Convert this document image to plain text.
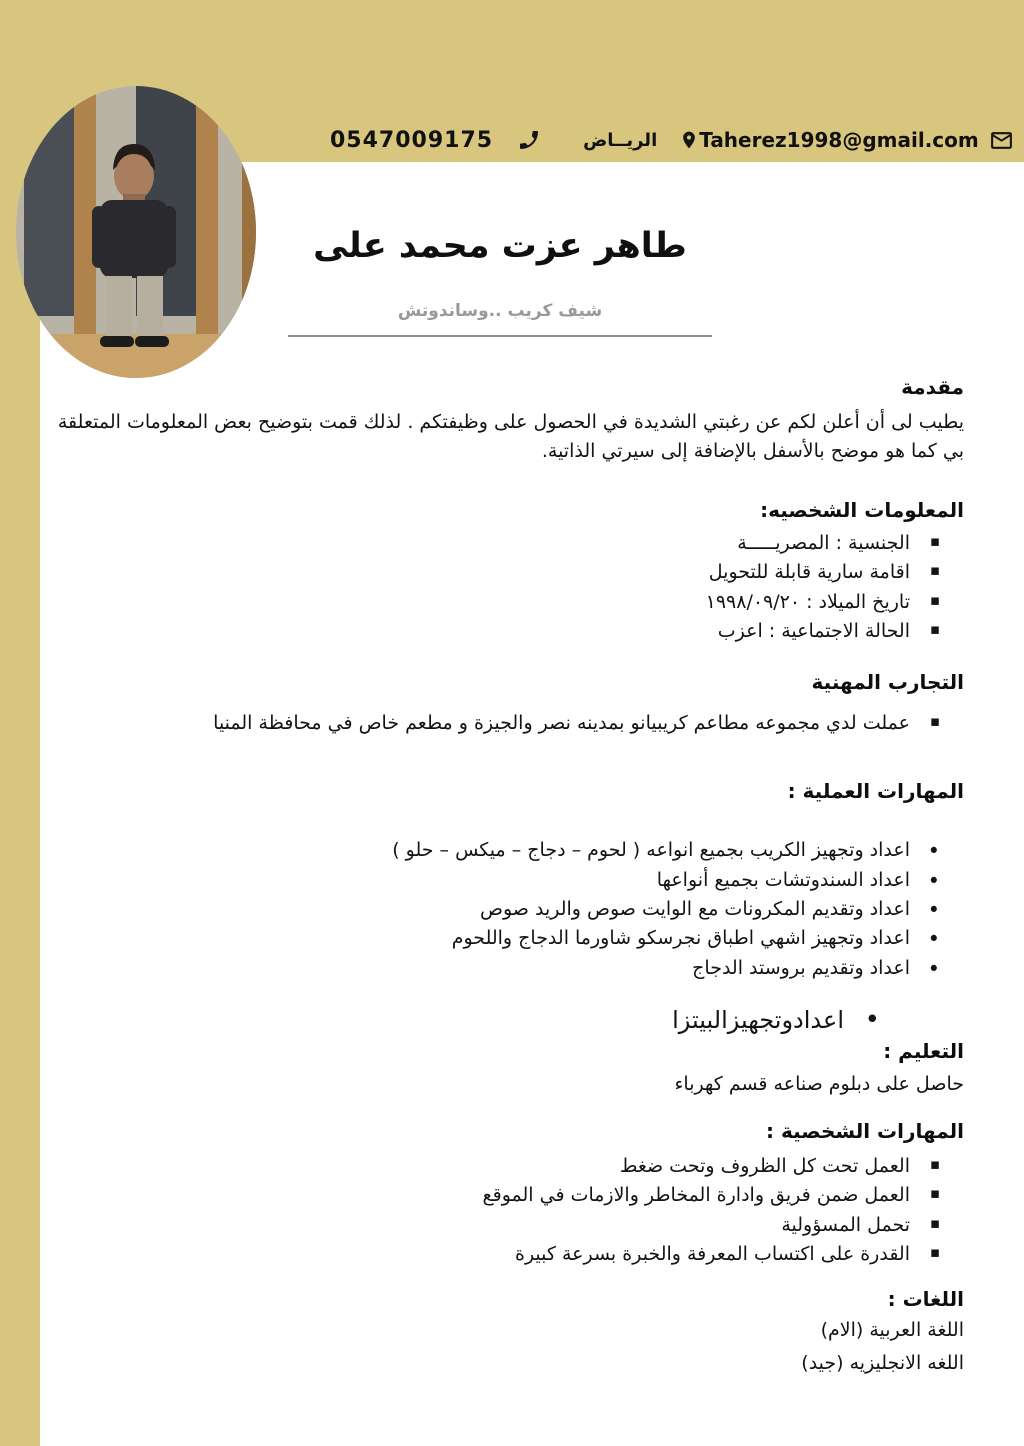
0547009175	الريــاض Taherez1998@gmail.com
طاهر عزت محمد على
شيف كريب ..وساندوتش
مقدمة

يطيب لى أن أعلن لكم عن رغبتي الشديدة في الحصول على وظيفتكم . لذلك قمت بتوضيح بعض المعلومات المتعلقة بي كما هو موضح بالأسفل بالإضافة إلى سيرتي الذاتية.

المعلومات الشخصيه:
▪ الجنسية : المصريـــــة
▪ اقامة سارية قابلة للتحويل
▪ تاريخ الميلاد : ١٩٩٨/٠٩/٢٠
▪ الحالة الاجتماعية : اعزب
التجارب المهنية
▪ عملت لدي مجموعه مطاعم كريبيانو بمدينه نصر والجيزة و مطعم خاص في محافظة المنيا
المهارات العملية :
• اعداد وتجهيز الكريب بجميع انواعه ( لحوم – دجاج – ميكس – حلو )
• اعداد السندوتشات بجميع أنواعها
• اعداد وتقديم المكرونات مع الوايت صوص والريد صوص
• اعداد وتجهيز اشهي اطباق نجرسكو شاورما الدجاج واللحوم
• اعداد وتقديم بروستد الدجاج
• اعدادوتجهيزالبيتزا
التعليم :
حاصل على دبلوم صناعه قسم كهرباء
المهارات الشخصية :
▪ العمل تحت كل الظروف وتحت ضغط
▪ العمل ضمن فريق وادارة المخاطر والازمات في الموقع
▪ تحمل المسؤولية
▪ القدرة على اكتساب المعرفة والخبرة بسرعة كبيرة
اللغات :
اللغة العربية (الام)
اللغه الانجليزيه (جيد)
